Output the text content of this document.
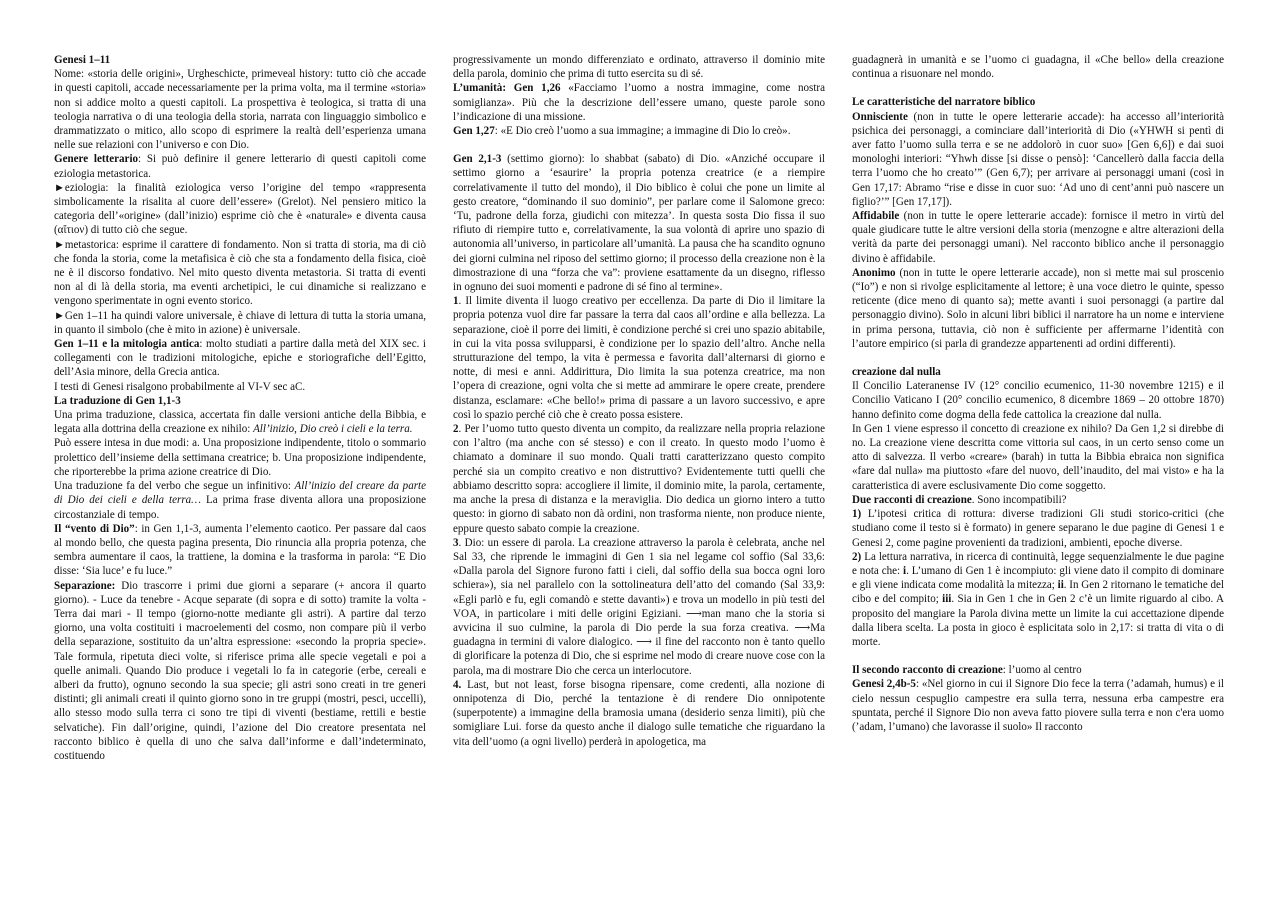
Genesi 1–11

Nome: «storia delle origini», Urgheschicte, primeveal history: tutto ciò che accade in questi capitoli, accade necessariamente per la prima volta, ma il termine «storia» non si addice molto a questi capitoli. La prospettiva è teologica, si tratta di una teologia narrativa o di una teologia della storia, narrata con linguaggio simbolico e drammatizzato o mitico, allo scopo di esprimere la realtà dell’esperienza umana nelle sue relazioni con l’universo e con Dio.

Genere letterario: Si può definire il genere letterario di questi capitoli come eziologia metastorica.

►eziologia: la finalità eziologica verso l’origine del tempo «rappresenta simbolicamente la risalita al cuore dell’essere» (Grelot). Nel pensiero mitico la categoria dell’«origine» (dall’inizio) esprime ciò che è «naturale» e diventa causa (αἴτιον) di tutto ciò che segue.

►metastorica: esprime il carattere di fondamento. Non si tratta di storia, ma di ciò che fonda la storia, come la metafisica è ciò che sta a fondamento della fisica, cioè ne è il discorso fondativo. Nel mito questo diventa metastoria. Si tratta di eventi non al di là della storia, ma eventi archetipici, le cui dinamiche si realizzano e vengono sperimentate in ogni evento storico.

►Gen 1–11 ha quindi valore universale, è chiave di lettura di tutta la storia umana, in quanto il simbolo (che è mito in azione) è universale.

Gen 1–11 e la mitologia antica: molto studiati a partire dalla metà del XIX sec. i collegamenti con le tradizioni mitologiche, epiche e storiografiche dell’Egitto, dell’Asia minore, della Grecia antica.

I testi di Genesi risalgono probabilmente al VI-V sec aC.

La traduzione di Gen 1,1-3

Una prima traduzione, classica, accertata fin dalle versioni antiche della Bibbia, e legata alla dottrina della creazione ex nihilo: All’inizio, Dio creò i cieli e la terra.

Può essere intesa in due modi: a. Una proposizione indipendente, titolo o sommario prolettico dell’insieme della settimana creatrice; b. Una proposizione indipendente, che riporterebbe la prima azione creatrice di Dio.

Una traduzione fa del verbo che segue un infinitivo: All’inizio del creare da parte di Dio dei cieli e della terra… La prima frase diventa allora una proposizione circostanziale di tempo.

Il “vento di Dio”: in Gen 1,1-3, aumenta l’elemento caotico. Per passare dal caos al mondo bello, che questa pagina presenta, Dio rinuncia alla propria potenza, che sembra aumentare il caos, la trattiene, la domina e la trasforma in parola: “E Dio disse: ‘Sia luce’ e fu luce.”

Separazione: Dio trascorre i primi due giorni a separare (+ ancora il quarto giorno). - Luce da tenebre - Acque separate (di sopra e di sotto) tramite la volta - Terra dai mari - Il tempo (giorno-notte mediante gli astri). A partire dal terzo giorno, una volta costituiti i macroelementi del cosmo, non compare più il verbo della separazione, sostituito da un’altra espressione: «secondo la propria specie». Tale formula, ripetuta dieci volte, si riferisce prima alle specie vegetali e poi a quelle animali. Quando Dio produce i vegetali lo fa in categorie (erbe, cereali e alberi da frutto), ognuno secondo la sua specie; gli astri sono creati in tre generi distinti; gli animali creati il quinto giorno sono in tre gruppi (mostri, pesci, uccelli), allo stesso modo sulla terra ci sono tre tipi di viventi (bestiame, rettili e bestie selvatiche). Fin dall’origine, quindi, l’azione del Dio creatore presentata nel racconto biblico è quella di uno che salva dall’informe e dall’indeterminato, costituendo

progressivamente un mondo differenziato e ordinato, attraverso il dominio mite della parola, dominio che prima di tutto esercita su di sé.

L’umanità: Gen 1,26 «Facciamo l’uomo a nostra immagine, come nostra somiglianza». Più che la descrizione dell’essere umano, queste parole sono l’indicazione di una missione.

Gen 1,27: «E Dio creò l’uomo a sua immagine; a immagine di Dio lo creò».

Gen 2,1-3 (settimo giorno): lo shabbat (sabato) di Dio. «Anziché occupare il settimo giorno a ‘esaurire’ la propria potenza creatrice (e a riempire correlativamente il tutto del mondo), il Dio biblico è colui che pone un limite al gesto creatore, “dominando il suo dominio”, per parlare come il Salomone greco: ‘Tu, padrone della forza, giudichi con mitezza’. In questa sosta Dio fissa il suo rifiuto di riempire tutto e, correlativamente, la sua volontà di aprire uno spazio di autonomia all’universo, in particolare all’umanità. La pausa che ha scandito ognuno dei giorni culmina nel riposo del settimo giorno; il processo della creazione non è la dimostrazione di una “forza che va”: proviene esattamente da un disegno, riflesso in ognuno dei suoi momenti e padrone di sé fino al termine».

1. Il limite diventa il luogo creativo per eccellenza. Da parte di Dio il limitare la propria potenza vuol dire far passare la terra dal caos all’ordine e alla bellezza. La separazione, cioè il porre dei limiti, è condizione perché si crei uno spazio abitabile, in cui la vita possa svilupparsi, è condizione per lo spazio dell’altro. Anche nella strutturazione del tempo, la vita è permessa e favorita dall’alternarsi di giorno e notte, di mesi e anni. Addirittura, Dio limita la sua potenza creatrice, ma non l’opera di creazione, ogni volta che si mette ad ammirare le opere create, prendere distanza, esclamare: «Che bello!» prima di passare a un lavoro successivo, e apre così lo spazio perché ciò che è creato possa esistere.

2. Per l’uomo tutto questo diventa un compito, da realizzare nella propria relazione con l’altro (ma anche con sé stesso) e con il creato. In questo modo l’uomo è chiamato a dominare il suo mondo. Quali tratti caratterizzano questo compito perché sia un compito creativo e non distruttivo? Evidentemente tutti quelli che abbiamo descritto sopra: accogliere il limite, il dominio mite, la parola, certamente, ma anche la presa di distanza e la meraviglia. Dio dedica un giorno intero a tutto questo: in giorno di sabato non dà ordini, non trasforma niente, non produce niente, eppure questo sabato compie la creazione.

3. Dio: un essere di parola. La creazione attraverso la parola è celebrata, anche nel Sal 33, che riprende le immagini di Gen 1 sia nel legame col soffio (Sal 33,6: «Dalla parola del Signore furono fatti i cieli, dal soffio della sua bocca ogni loro schiera»), sia nel parallelo con la sottolineatura dell’atto del comando (Sal 33,9: «Egli parlò e fu, egli comandò e stette davanti») e trova un modello in più testi del VOA, in particolare i miti delle origini Egiziani. ⟶man mano che la storia si avvicina il suo culmine, la parola di Dio perde la sua forza creativa. ⟶Ma guadagna in termini di valore dialogico. ⟶ il fine del racconto non è tanto quello di glorificare la potenza di Dio, che si esprime nel modo di creare nuove cose con la parola, ma di mostrare Dio che cerca un interlocutore.

4. Last, but not least, forse bisogna ripensare, come credenti, alla nozione di onnipotenza di Dio, perché la tentazione è di rendere Dio onnipotente (superpotente) a immagine della bramosia umana (desiderio senza limiti), più che somigliare Lui. forse da questo anche il dialogo sulle tematiche che riguardano la vita dell’uomo (a ogni livello) perderà in apologetica, ma

guadagnerà in umanità e se l’uomo ci guadagna, il «Che bello» della creazione continua a risuonare nel mondo.

Le caratteristiche del narratore biblico

Onnisciente (non in tutte le opere letterarie accade): ha accesso all’interiorità psichica dei personaggi, a cominciare dall’interiorità di Dio («YHWH si pentì di aver fatto l’uomo sulla terra e se ne addolorò in cuor suo» [Gen 6,6]) e dai suoi monologhi interiori: “Yhwh disse [si disse o pensò]: ‘Cancellerò dalla faccia della terra l’uomo che ho creato’” (Gen 6,7); per arrivare ai personaggi umani (così in Gen 17,17: Abramo “rise e disse in cuor suo: ‘Ad uno di cent’anni può nascere un figlio?’” [Gen 17,17]).

Affidabile (non in tutte le opere letterarie accade): fornisce il metro in virtù del quale giudicare tutte le altre versioni della storia (menzogne e altre alterazioni della verità da parte dei personaggi umani). Nel racconto biblico anche il personaggio divino è affidabile.

Anonimo (non in tutte le opere letterarie accade), non si mette mai sul proscenio (“Io”) e non si rivolge esplicitamente al lettore; è una voce dietro le quinte, spesso reticente (dice meno di quanto sa); mette avanti i suoi personaggi (a partire dal personaggio divino). Solo in alcuni libri biblici il narratore ha un nome e interviene in prima persona, tuttavia, ciò non è sufficiente per affermarne l’identità con l’autore empirico (si parla di grandezze appartenenti ad ordini differenti).

creazione dal nulla

Il Concilio Lateranense IV (12° concilio ecumenico, 11-30 novembre 1215) e il Concilio Vaticano I (20° concilio ecumenico, 8 dicembre 1869 – 20 ottobre 1870) hanno definito come dogma della fede cattolica la creazione dal nulla.

In Gen 1 viene espresso il concetto di creazione ex nihilo? Da Gen 1,2 si direbbe di no. La creazione viene descritta come vittoria sul caos, in un certo senso come un atto di salvezza. Il verbo «creare» (barah) in tutta la Bibbia ebraica non significa «fare dal nulla» ma piuttosto «fare del nuovo, dell’inaudito, del mai visto» e ha la caratteristica di avere esclusivamente Dio come soggetto.

Due racconti di creazione. Sono incompatibili?

1) L’ipotesi critica di rottura: diverse tradizioni Gli studi storico-critici (che studiano come il testo si è formato) in genere separano le due pagine di Genesi 1 e Genesi 2, come pagine provenienti da tradizioni, ambienti, epoche diverse.

2) La lettura narrativa, in ricerca di continuità, legge sequenzialmente le due pagine e nota che: i. L’umano di Gen 1 è incompiuto: gli viene dato il compito di dominare e gli viene indicata come modalità la mitezza; ii. In Gen 2 ritornano le tematiche del cibo e del compito; iii. Sia in Gen 1 che in Gen 2 c’è un limite riguardo al cibo. A proposito del mangiare la Parola divina mette un limite la cui accettazione dipende dalla libera scelta. La posta in gioco è esplicitata solo in 2,17: si tratta di vita o di morte.

Il secondo racconto di creazione: l’uomo al centro

Genesi 2,4b-5: «Nel giorno in cui il Signore Dio fece la terra (’adamah, humus) e il cielo nessun cespuglio campestre era sulla terra, nessuna erba campestre era spuntata, perché il Signore Dio non aveva fatto piovere sulla terra e non c'era uomo (’adam, l’umano) che lavorasse il suolo» Il racconto
